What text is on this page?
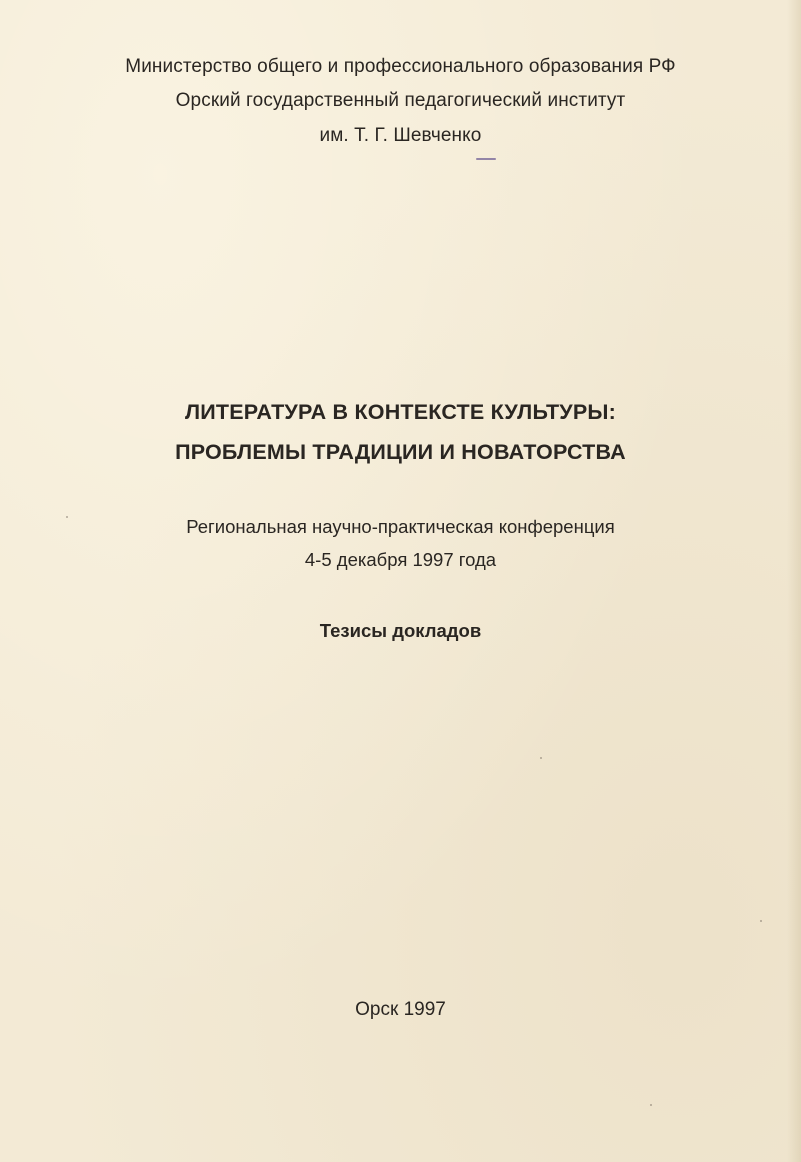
Министерство общего и профессионального образования РФ
Орский государственный педагогический институт
им. Т. Г. Шевченко
ЛИТЕРАТУРА В КОНТЕКСТЕ КУЛЬТУРЫ:
ПРОБЛЕМЫ ТРАДИЦИИ И НОВАТОРСТВА
Региональная научно-практическая конференция
4-5 декабря 1997 года
Тезисы докладов
Орск 1997
